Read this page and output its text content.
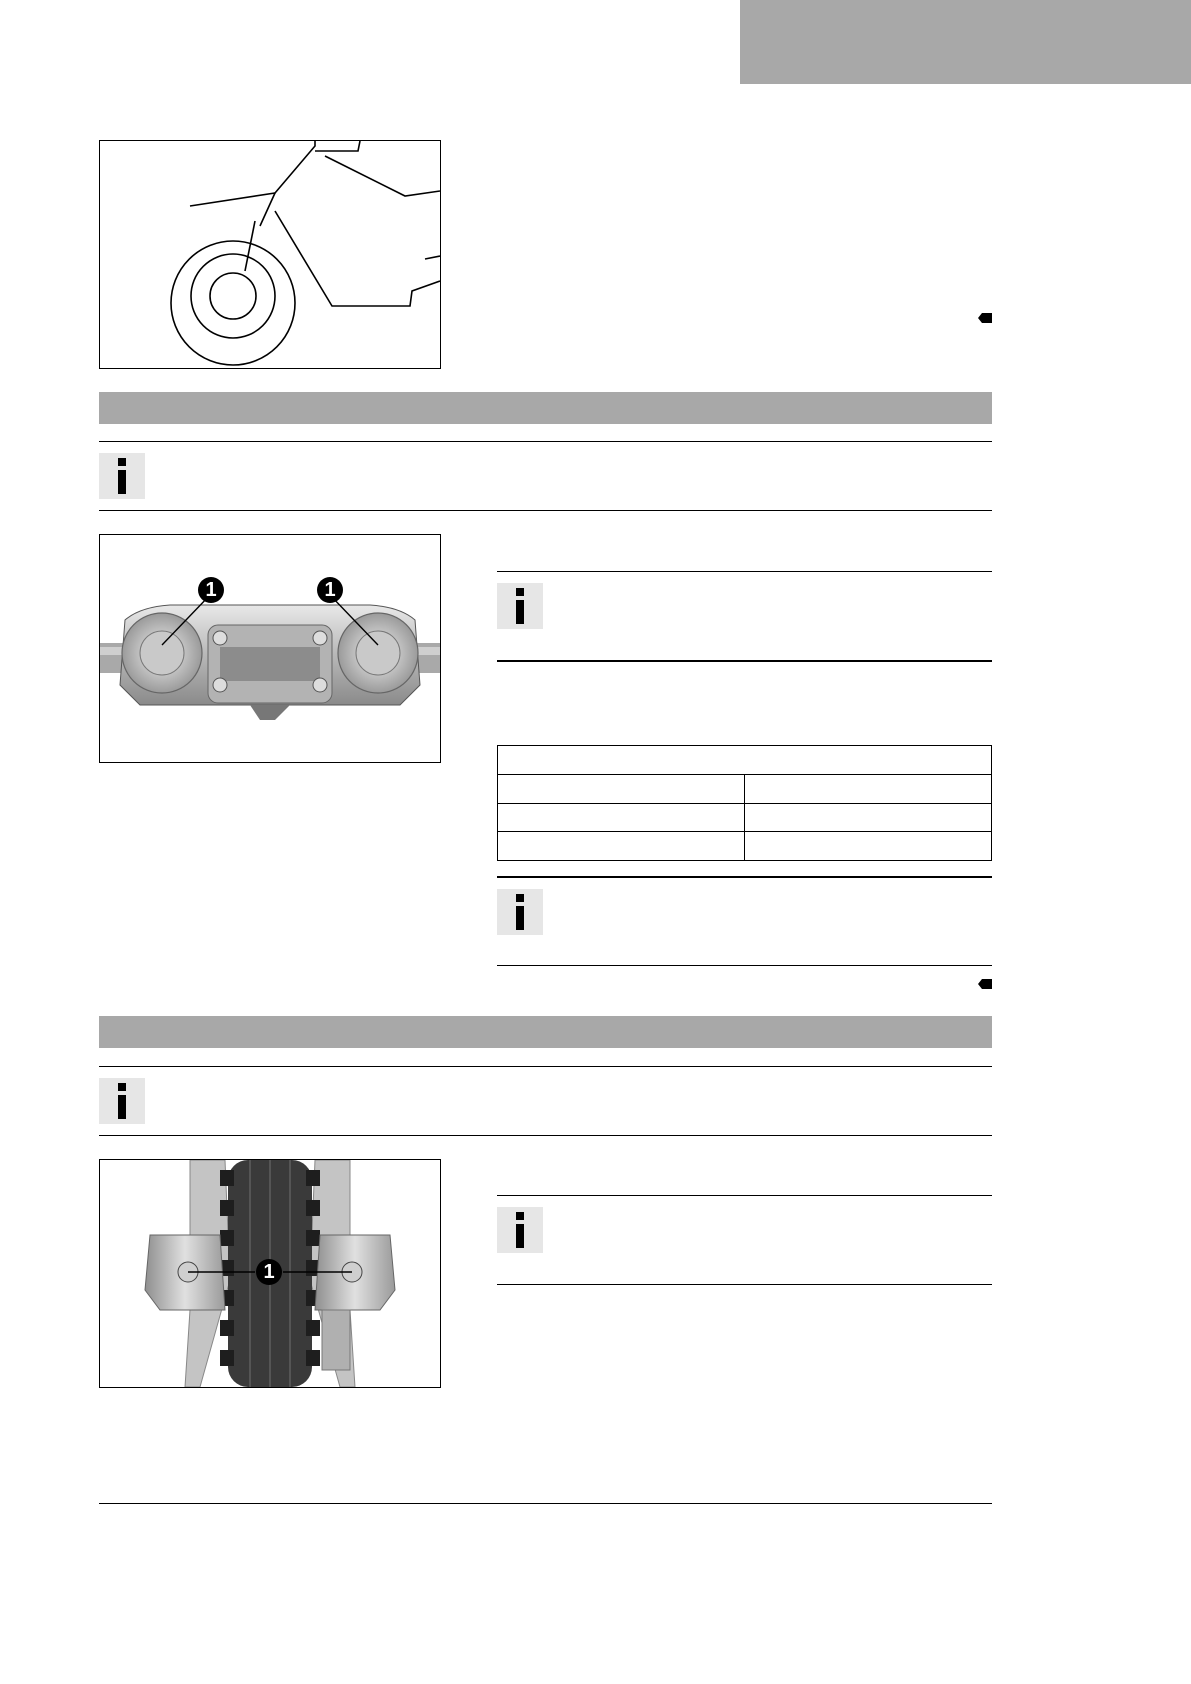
1	1

1
